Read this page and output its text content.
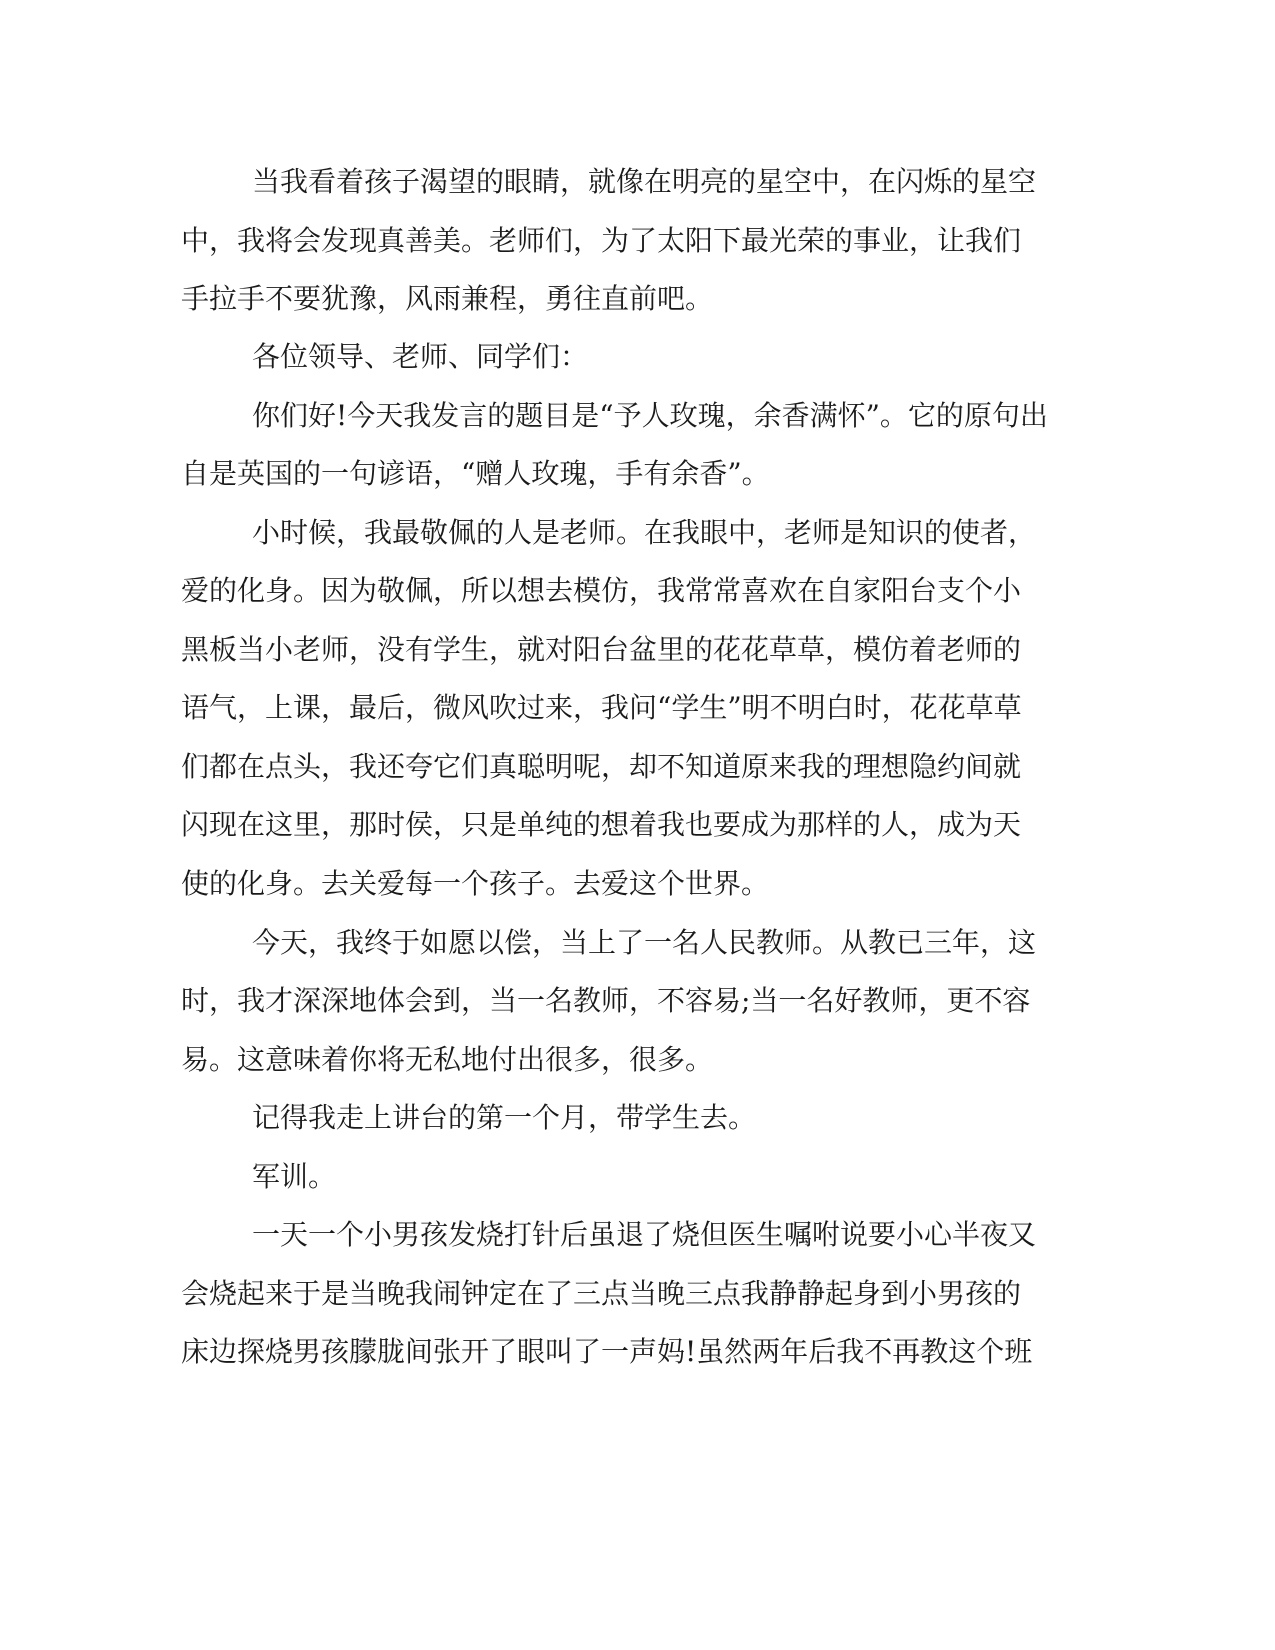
当我看着孩子渴望的眼睛，就像在明亮的星空中，在闪烁的星空
中，我将会发现真善美。老师们，为了太阳下最光荣的事业，让我们
手拉手不要犹豫，风雨兼程，勇往直前吧。
各位领导、老师、同学们：
你们好!今天我发言的题目是“予人玫瑰，余香满怀”。它的原句出
自是英国的一句谚语，“赠人玫瑰，手有余香”。
小时候，我最敬佩的人是老师。在我眼中，老师是知识的使者，
爱的化身。因为敬佩，所以想去模仿，我常常喜欢在自家阳台支个小
黑板当小老师，没有学生，就对阳台盆里的花花草草，模仿着老师的
语气，上课，最后，微风吹过来，我问“学生”明不明白时，花花草草
们都在点头，我还夸它们真聪明呢，却不知道原来我的理想隐约间就
闪现在这里，那时侯，只是单纯的想着我也要成为那样的人，成为天
使的化身。去关爱每一个孩子。去爱这个世界。
今天，我终于如愿以偿，当上了一名人民教师。从教已三年，这
时，我才深深地体会到，当一名教师，不容易;当一名好教师，更不容
易。这意味着你将无私地付出很多，很多。
记得我走上讲台的第一个月，带学生去。
军训。
一天一个小男孩发烧打针后虽退了烧但医生嘱咐说要小心半夜又
会烧起来于是当晚我闹钟定在了三点当晚三点我静静起身到小男孩的
床边探烧男孩朦胧间张开了眼叫了一声妈!虽然两年后我不再教这个班
